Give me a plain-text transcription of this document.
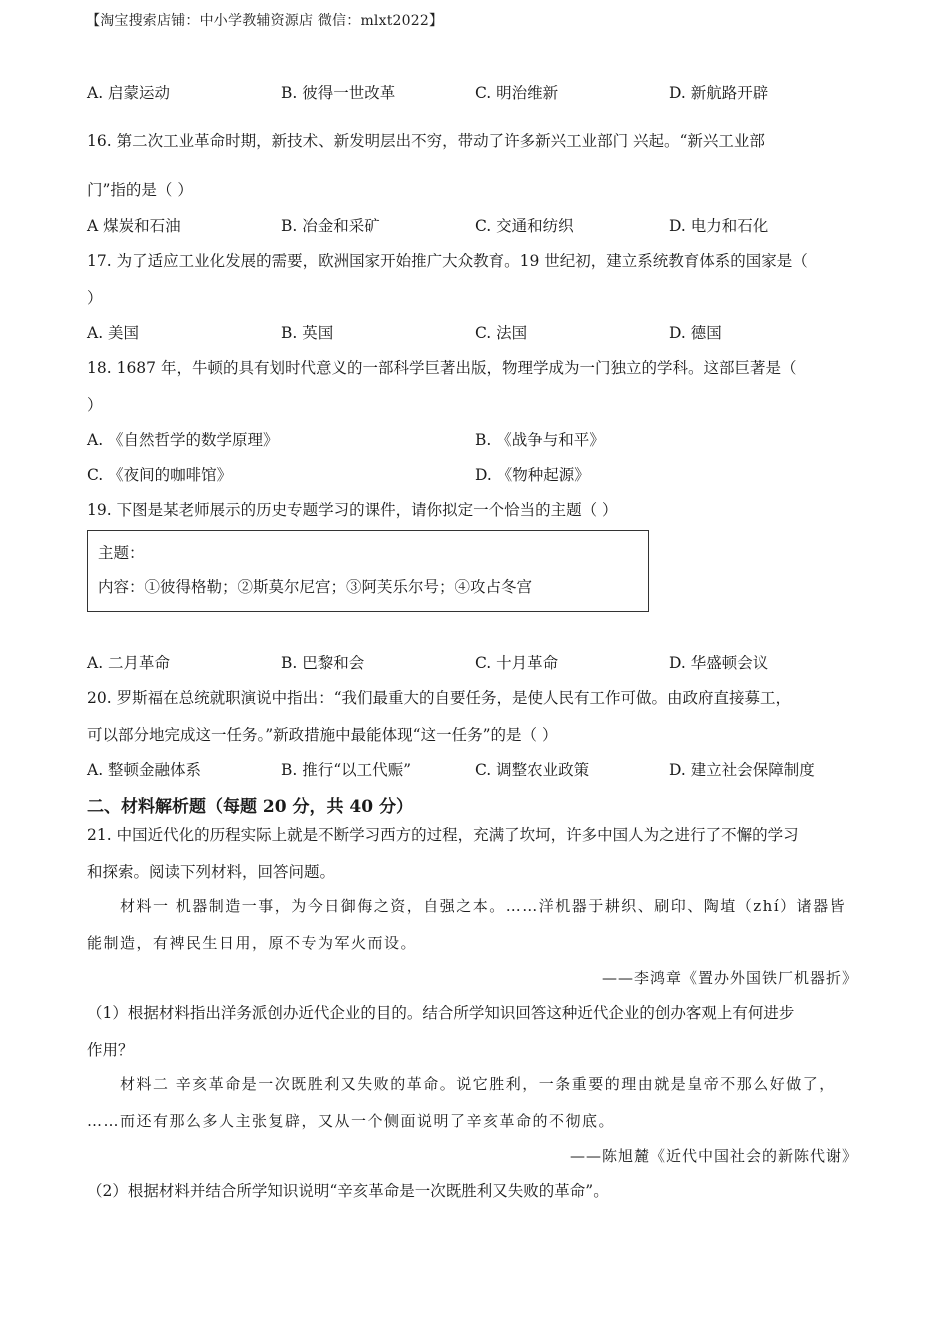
【淘宝搜索店铺：中小学教辅资源店 微信：mlxt2022】
A. 启蒙运动	B. 彼得一世改革	C. 明治维新	D. 新航路开辟
16. 第二次工业革命时期，新技术、新发明层出不穷，带动了许多新兴工业部门 兴起。“新兴工业部
门”指的是（ ）
A 煤炭和石油	B. 冶金和采矿	C. 交通和纺织	D. 电力和石化
17. 为了适应工业化发展的需要，欧洲国家开始推广大众教育。19 世纪初，建立系统教育体系的国家是（
）
A. 美国	B. 英国	C. 法国	D. 德国
18. 1687 年，牛顿的具有划时代意义的一部科学巨著出版，物理学成为一门独立的学科。这部巨著是（
）
A. 《自然哲学的数学原理》	B. 《战争与和平》
C. 《夜间的咖啡馆》	D. 《物种起源》
19. 下图是某老师展示的历史专题学习的课件，请你拟定一个恰当的主题（ ）
主题：
内容：①彼得格勒；②斯莫尔尼宫；③阿芙乐尔号；④攻占冬宫
A. 二月革命	B. 巴黎和会	C. 十月革命	D. 华盛顿会议
20. 罗斯福在总统就职演说中指出：“我们最重大的自要任务，是使人民有工作可做。由政府直接募工，
可以部分地完成这一任务。”新政措施中最能体现“这一任务”的是（ ）
A. 整顿金融体系	B. 推行“以工代赈”	C. 调整农业政策	D. 建立社会保障制度
二、材料解析题（每题 20 分，共 40 分）
21. 中国近代化的历程实际上就是不断学习西方的过程，充满了坎坷，许多中国人为之进行了不懈的学习
和探索。阅读下列材料，回答问题。
材料一 机器制造一事，为今日御侮之资，自强之本。……洋机器于耕织、刷印、陶埴（zhí）诸器皆
能制造，有裨民生日用，原不专为军火而设。
——李鸿章《置办外国铁厂机器折》
（1）根据材料指出洋务派创办近代企业的目的。结合所学知识回答这种近代企业的创办客观上有何进步
作用？
材料二 辛亥革命是一次既胜利又失败的革命。说它胜利，一条重要的理由就是皇帝不那么好做了，
……而还有那么多人主张复辟，又从一个侧面说明了辛亥革命的不彻底。
——陈旭麓《近代中国社会的新陈代谢》
（2）根据材料并结合所学知识说明“辛亥革命是一次既胜利又失败的革命”。
